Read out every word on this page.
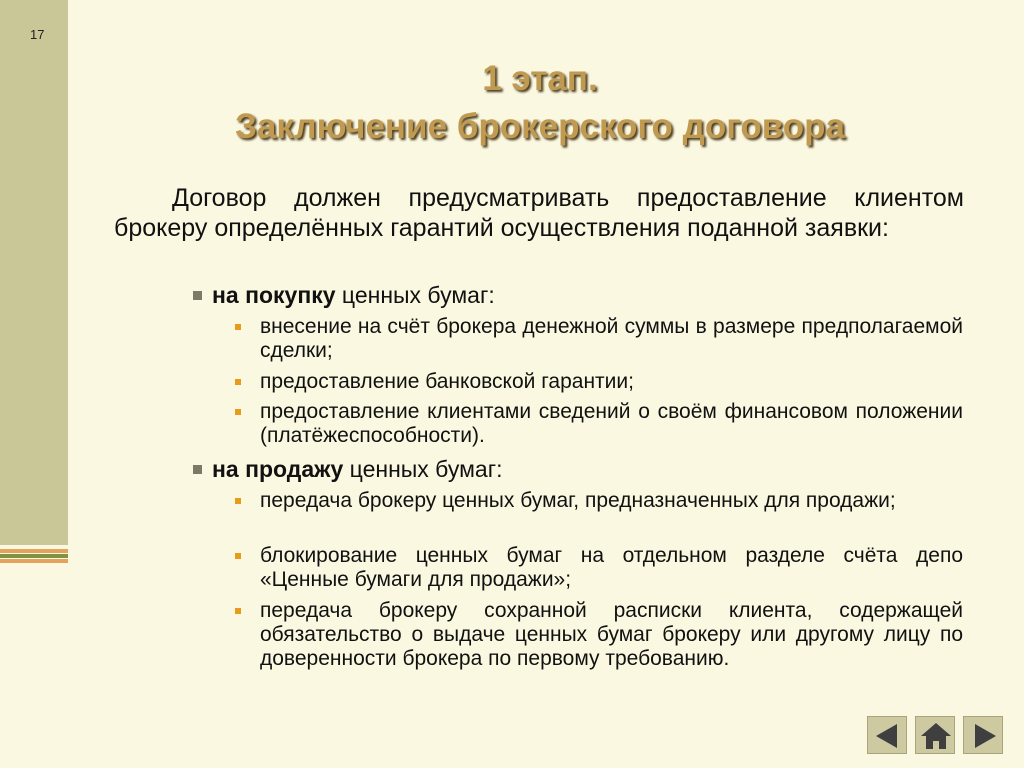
17
1 этап.
Заключение брокерского договора

Договор должен предусматривать предоставление клиентом брокеру определённых гарантий осуществления поданной заявки:

на покупку ценных бумаг:

внесение на счёт брокера денежной суммы в размере предполагаемой сделки;

предоставление банковской гарантии;

предоставление клиентами сведений о своём финансовом положении (платёжеспособности).

на продажу ценных бумаг:

передача брокеру ценных бумаг, предназначенных для продажи;

блокирование ценных бумаг на отдельном разделе счёта депо «Ценные бумаги для продажи»;

передача брокеру сохранной расписки клиента, содержащей обязательство о выдаче ценных бумаг брокеру или другому лицу по доверенности брокера по первому требованию.
